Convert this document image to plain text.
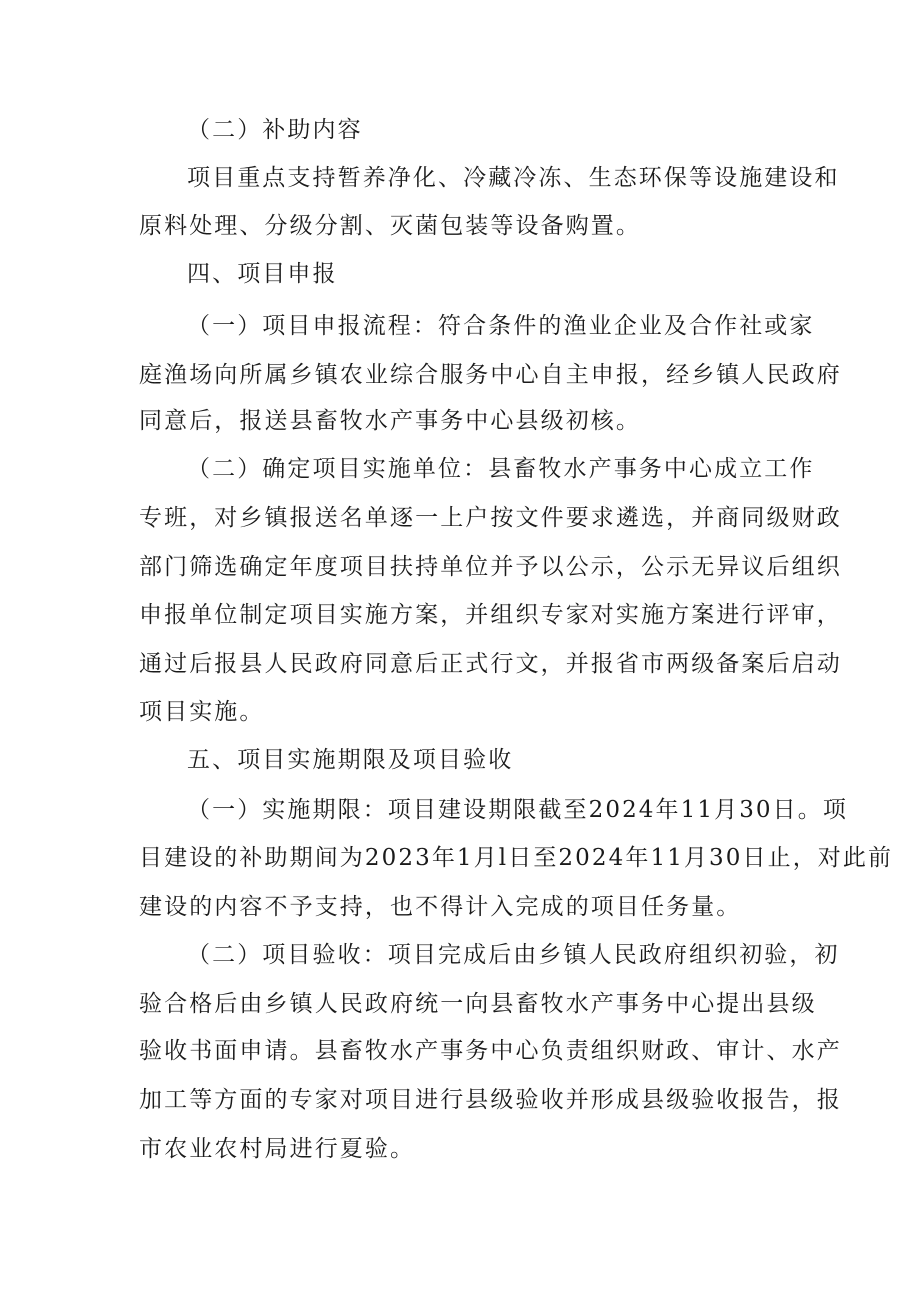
（二）补助内容
项目重点支持暂养净化、冷藏冷冻、生态环保等设施建设和
原料处理、分级分割、灭菌包装等设备购置。
四、项目申报
（一）项目申报流程：符合条件的渔业企业及合作社或家
庭渔场向所属乡镇农业综合服务中心自主申报，经乡镇人民政府
同意后，报送县畜牧水产事务中心县级初核。
（二）确定项目实施单位：县畜牧水产事务中心成立工作
专班，对乡镇报送名单逐一上户按文件要求遴选，并商同级财政
部门筛选确定年度项目扶持单位并予以公示，公示无异议后组织
申报单位制定项目实施方案，并组织专家对实施方案进行评审，
通过后报县人民政府同意后正式行文，并报省市两级备案后启动
项目实施。
五、项目实施期限及项目验收
（一）实施期限：项目建设期限截至2024年11月30日。项
目建设的补助期间为2023年1月l日至2024年11月30日止，对此前
建设的内容不予支持，也不得计入完成的项目任务量。
（二）项目验收：项目完成后由乡镇人民政府组织初验，初
验合格后由乡镇人民政府统一向县畜牧水产事务中心提出县级
验收书面申请。县畜牧水产事务中心负责组织财政、审计、水产
加工等方面的专家对项目进行县级验收并形成县级验收报告，报
市农业农村局进行夏验。
